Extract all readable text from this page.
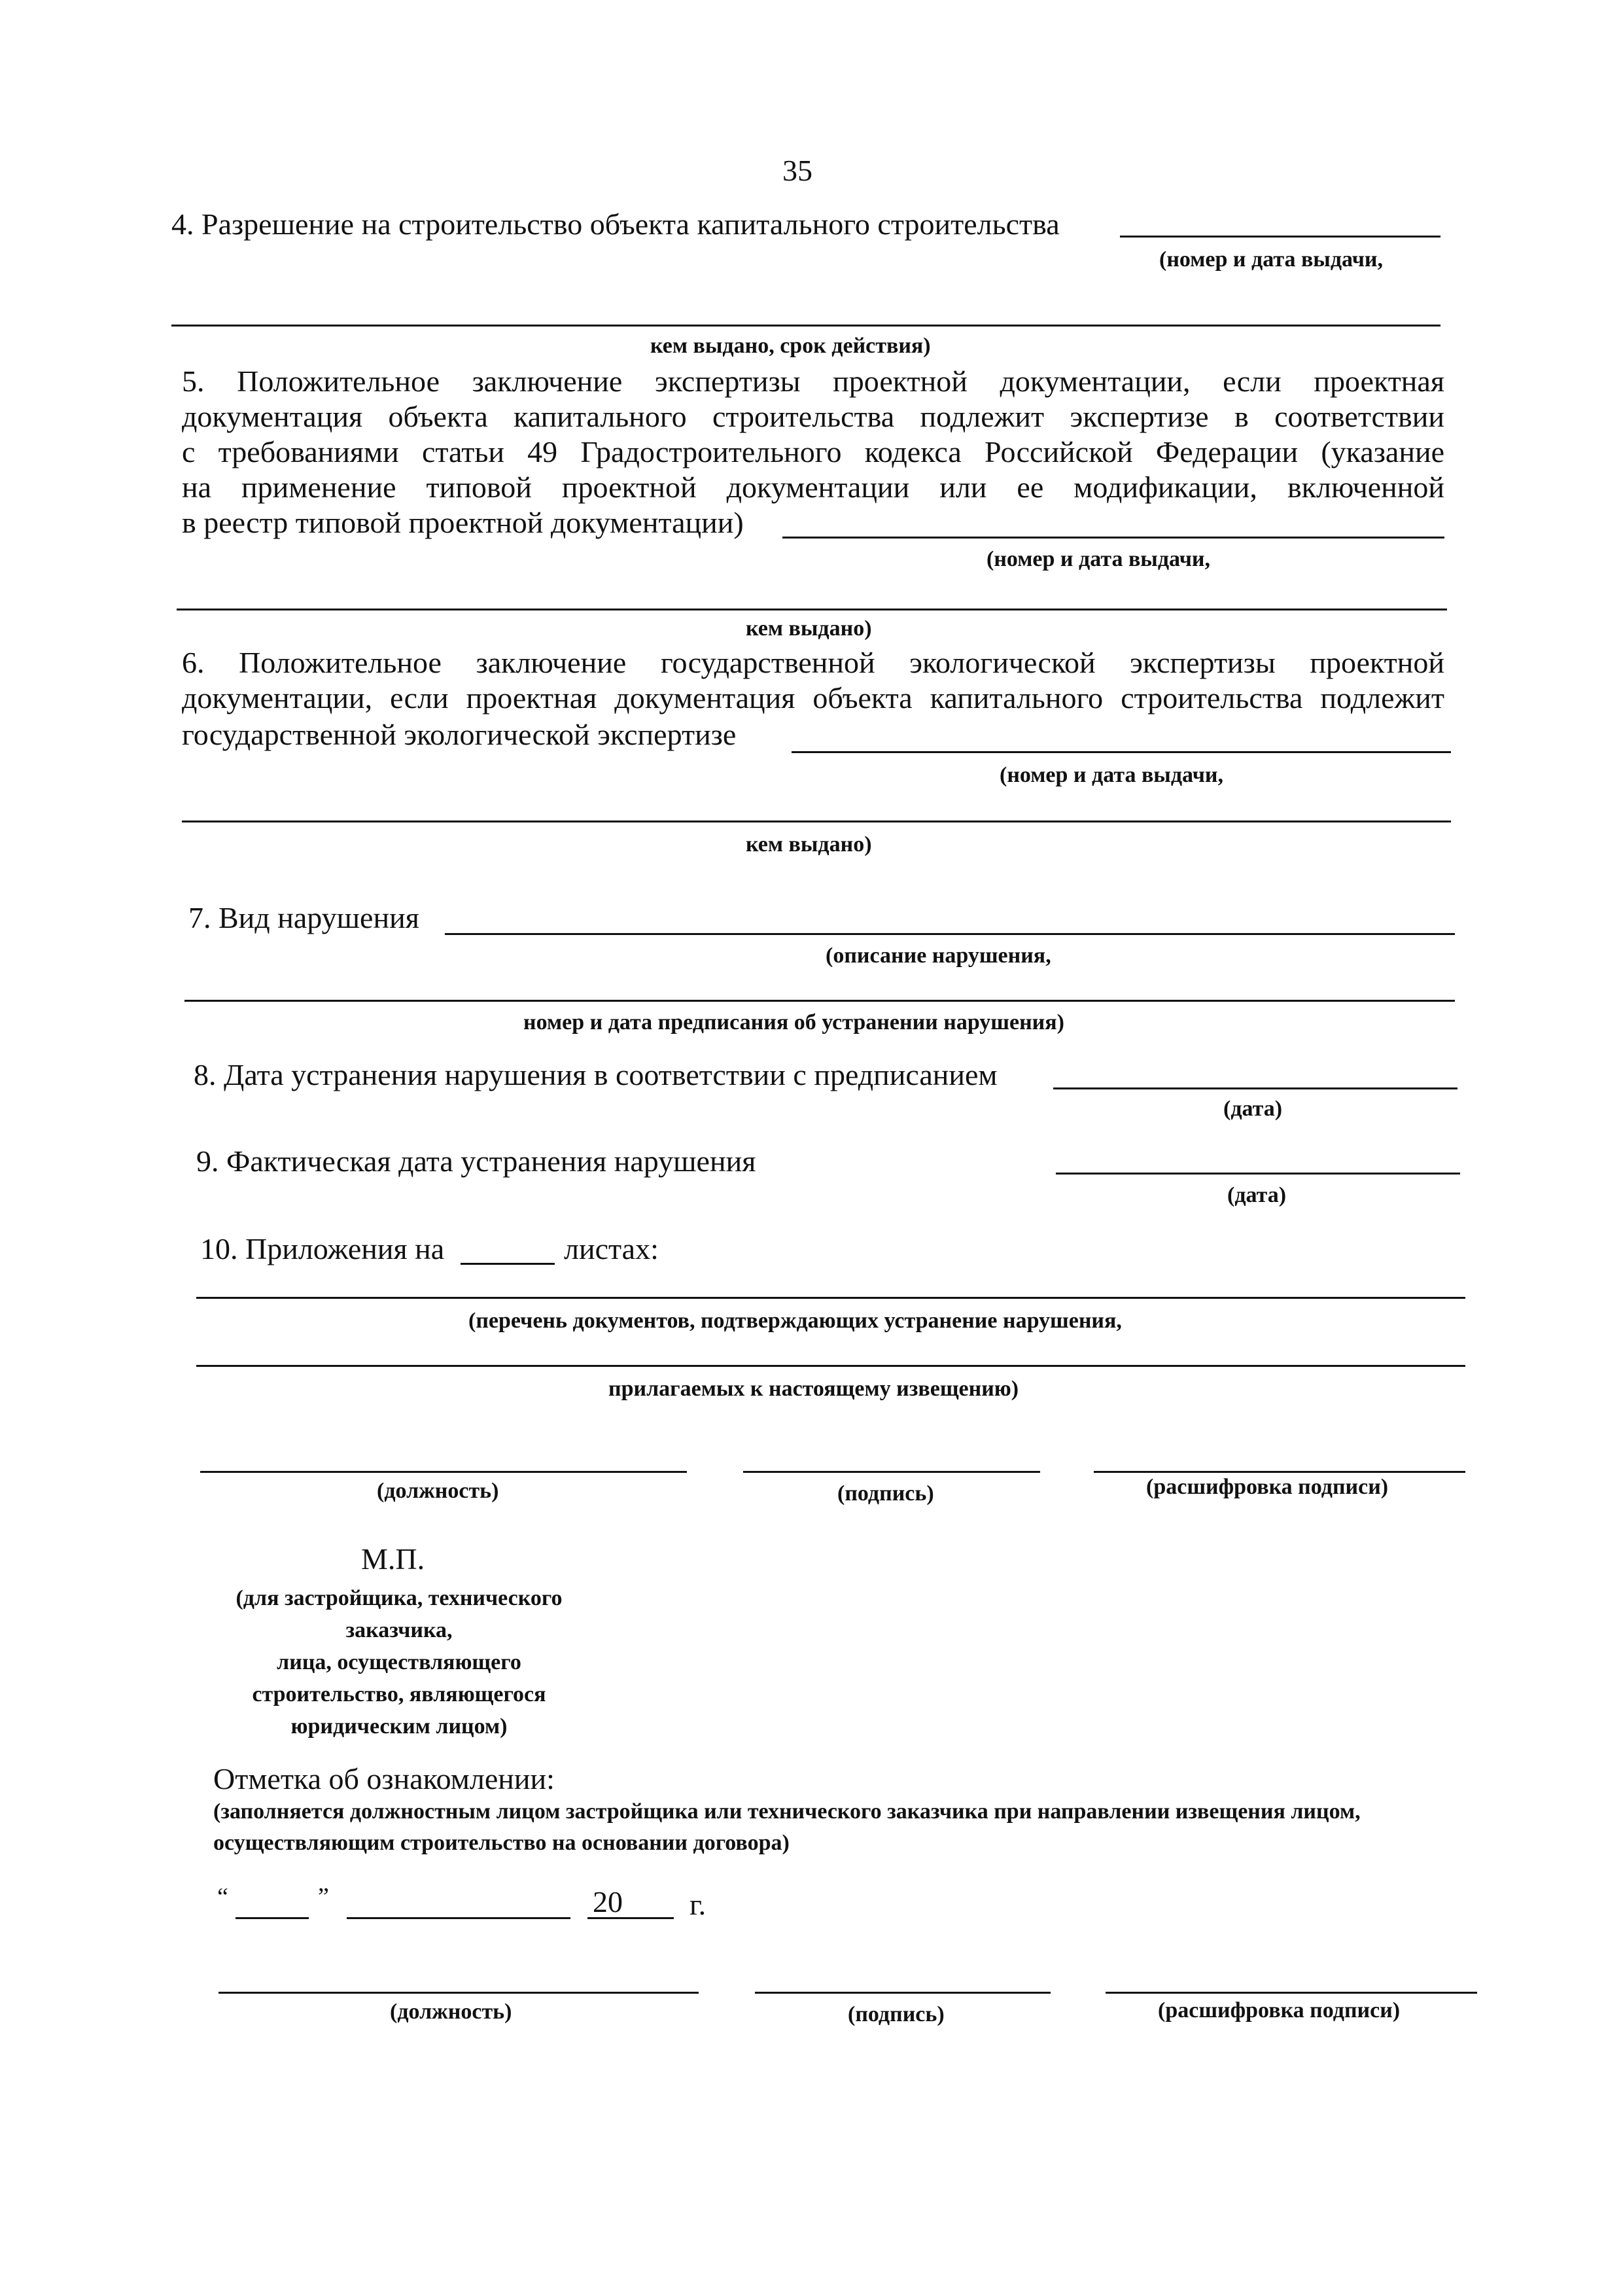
35
4. Разрешение на строительство объекта капитального строительства
(номер и дата выдачи,
кем выдано, срок действия)
5. Положительное заключение экспертизы проектной документации, если проектная
документация объекта капитального строительства подлежит экспертизе в соответствии
с требованиями статьи 49 Градостроительного кодекса Российской Федерации (указание
на применение типовой проектной документации или ее модификации, включенной
в реестр типовой проектной документации)
(номер и дата выдачи,
кем выдано)
6. Положительное заключение государственной экологической экспертизы проектной
документации, если проектная документация объекта капитального строительства подлежит
государственной экологической экспертизе
(номер и дата выдачи,
кем выдано)
7. Вид нарушения
(описание нарушения,
номер и дата предписания об устранении нарушения)
8. Дата устранения нарушения в соответствии с предписанием
(дата)
9. Фактическая дата устранения нарушения
(дата)
10. Приложения на	листах:
(перечень документов, подтверждающих устранение нарушения,
прилагаемых к настоящему извещению)
(должность)	(подпись)	(расшифровка подписи)
М.П.
(для застройщика, технического
заказчика,
лица, осуществляющего
строительство, являющегося
юридическим лицом)
Отметка об ознакомлении:
(заполняется должностным лицом застройщика или технического заказчика при направлении извещения лицом,
осуществляющим строительство на основании договора)
“	”	20 г.
(должность)	(подпись)	(расшифровка подписи)
